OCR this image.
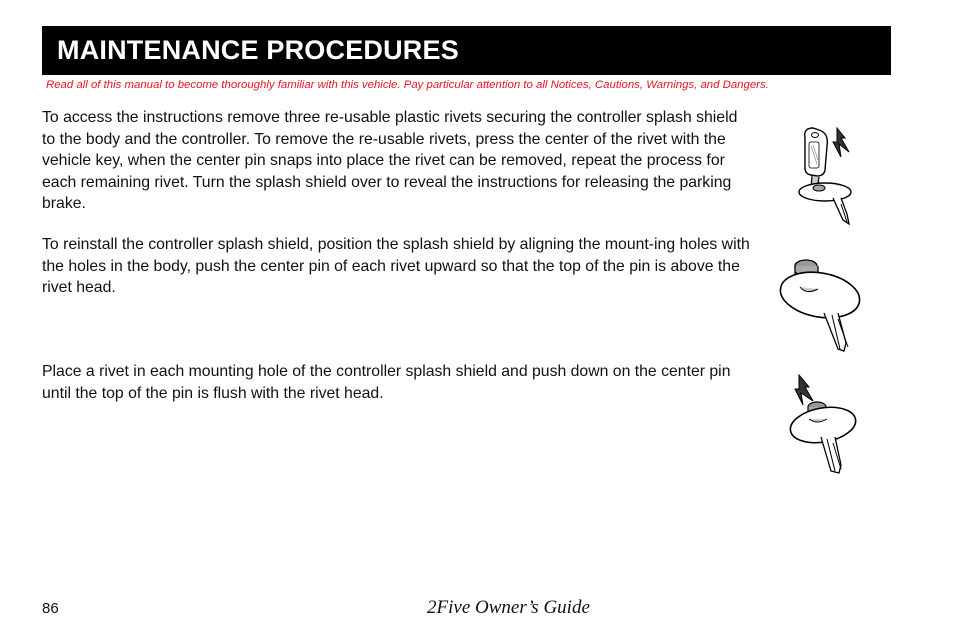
MAINTENANCE PROCEDURES
Read all of this manual to become thoroughly familiar with this vehicle. Pay particular attention to all Notices, Cautions, Warnings, and Dangers.

To access the instructions remove three re-usable plastic rivets securing the controller splash shield to the body and the controller. To remove the re-usable rivets, press the center of the rivet with the vehicle key, when the center pin snaps into place the rivet can be removed, repeat the process for each remaining rivet. Turn the splash shield over to reveal the instructions for releasing the parking brake.

To reinstall the controller splash shield, position the splash shield by aligning the mount-ing holes with the holes in the body, push the center pin of each rivet upward so that the top of the pin is above the rivet head.

Place a rivet in each mounting hole of the controller splash shield and push down on the center pin until the top of the pin is flush with the rivet head.

86	2Five Owner’s Guide
